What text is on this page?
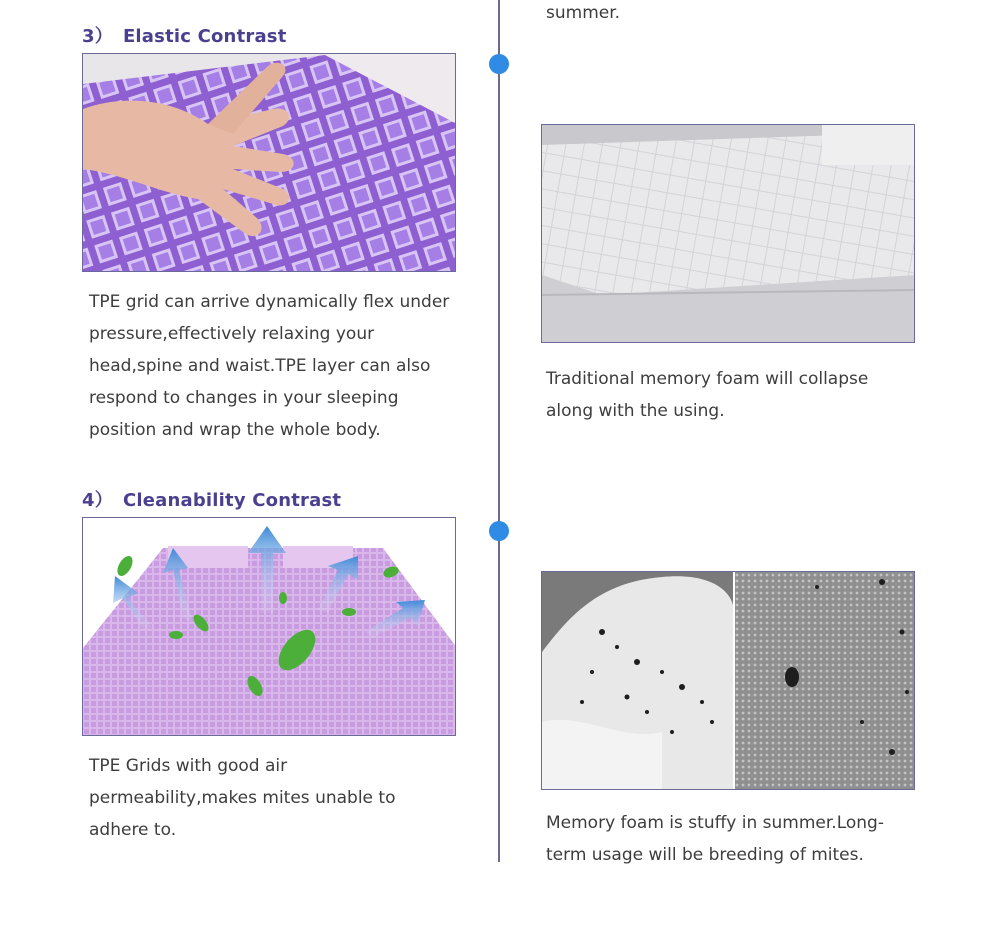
summer.
3） Elastic Contrast
TPE grid can arrive dynamically flex under pressure,effectively relaxing your head,spine and waist.TPE layer can also respond to changes in your sleeping position and wrap the whole body.
Traditional memory foam will collapse along with the using.
4） Cleanability Contrast
TPE Grids with good air permeability,makes mites unable to adhere to.	Memory foam is stuffy in summer.Long-term usage will be breeding of mites.
